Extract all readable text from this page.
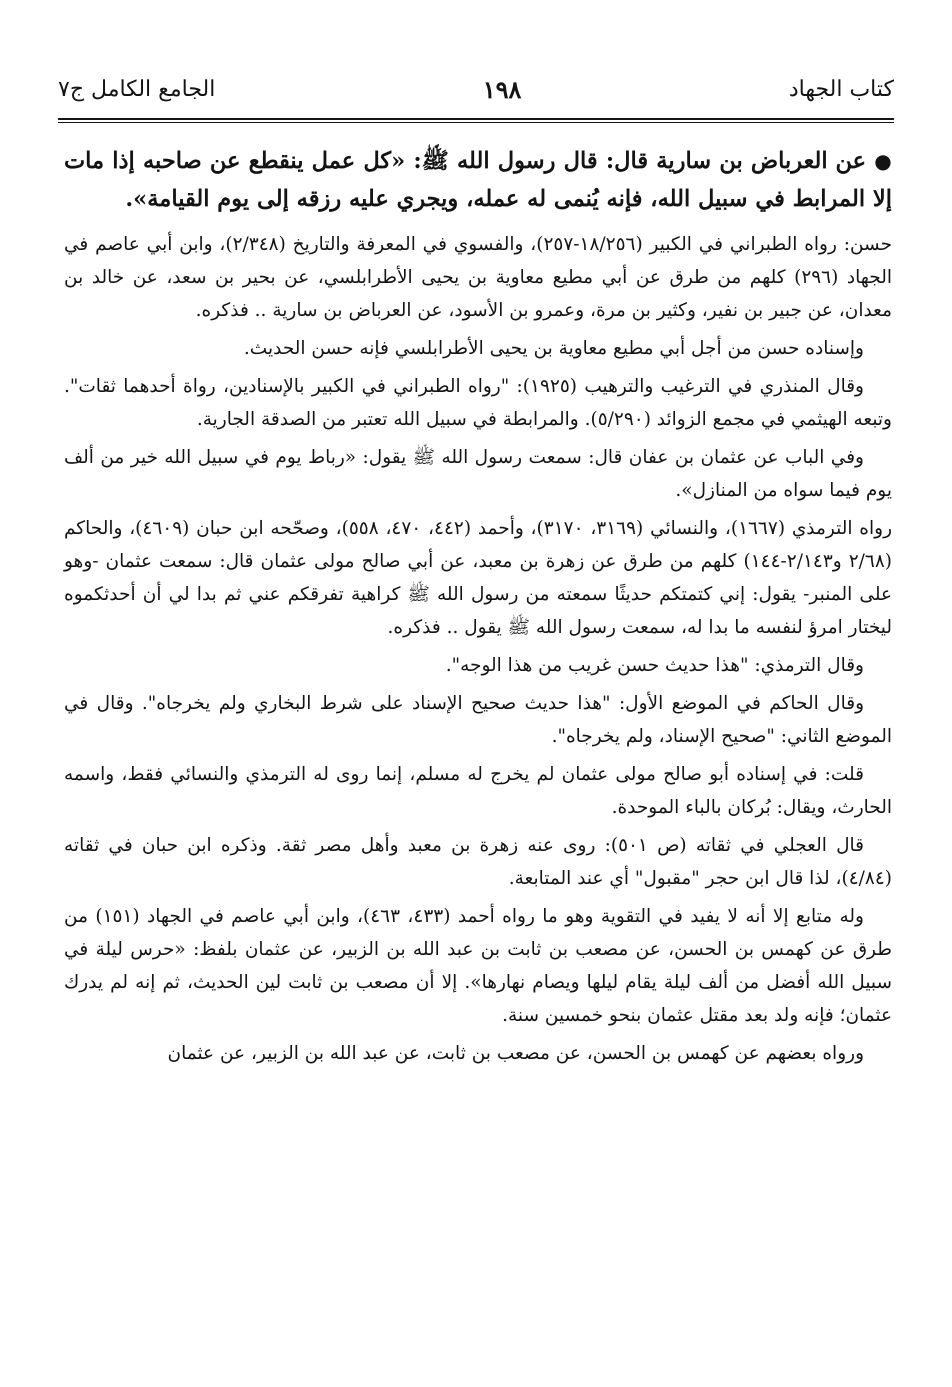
كتاب الجهاد
١٩٨
الجامع الكامل ج٧

● عن العرباض بن سارية قال: قال رسول الله ﷺ: «كل عمل ينقطع عن صاحبه إذا مات إلا المرابط في سبيل الله، فإنه يُنمى له عمله، ويجري عليه رزقه إلى يوم القيامة».

حسن: رواه الطبراني في الكبير (١٨/٢٥٦-٢٥٧)، والفسوي في المعرفة والتاريخ (٢/٣٤٨)، وابن أبي عاصم في الجهاد (٢٩٦) كلهم من طرق عن أبي مطيع معاوية بن يحيى الأطرابلسي، عن بحير بن سعد، عن خالد بن معدان، عن جبير بن نفير، وكثير بن مرة، وعمرو بن الأسود، عن العرباض بن سارية .. فذكره.

وإسناده حسن من أجل أبي مطيع معاوية بن يحيى الأطرابلسي فإنه حسن الحديث.

وقال المنذري في الترغيب والترهيب (١٩٢٥): "رواه الطبراني في الكبير بالإسنادين، رواة أحدهما ثقات". وتبعه الهيثمي في مجمع الزوائد (٥/٢٩٠). والمرابطة في سبيل الله تعتبر من الصدقة الجارية.

وفي الباب عن عثمان بن عفان قال: سمعت رسول الله ﷺ يقول: «رباط يوم في سبيل الله خير من ألف يوم فيما سواه من المنازل».

رواه الترمذي (١٦٦٧)، والنسائي (٣١٦٩، ٣١٧٠)، وأحمد (٤٤٢، ٤٧٠، ٥٥٨)، وصحّحه ابن حبان (٤٦٠٩)، والحاكم (٢/٦٨ و٢/١٤٣-١٤٤) كلهم من طرق عن زهرة بن معبد، عن أبي صالح مولى عثمان قال: سمعت عثمان -وهو على المنبر- يقول: إني كتمتكم حديثًا سمعته من رسول الله ﷺ كراهية تفرقكم عني ثم بدا لي أن أحدثكموه ليختار امرؤ لنفسه ما بدا له، سمعت رسول الله ﷺ يقول .. فذكره.

وقال الترمذي: "هذا حديث حسن غريب من هذا الوجه".

وقال الحاكم في الموضع الأول: "هذا حديث صحيح الإسناد على شرط البخاري ولم يخرجاه". وقال في الموضع الثاني: "صحيح الإسناد، ولم يخرجاه".

قلت: في إسناده أبو صالح مولى عثمان لم يخرج له مسلم، إنما روى له الترمذي والنسائي فقط، واسمه الحارث، ويقال: بُركان بالباء الموحدة.

قال العجلي في ثقاته (ص ٥٠١): روى عنه زهرة بن معبد وأهل مصر ثقة. وذكره ابن حبان في ثقاته (٤/٨٤)، لذا قال ابن حجر "مقبول" أي عند المتابعة.

وله متابع إلا أنه لا يفيد في التقوية وهو ما رواه أحمد (٤٣٣، ٤٦٣)، وابن أبي عاصم في الجهاد (١٥١) من طرق عن كهمس بن الحسن، عن مصعب بن ثابت بن عبد الله بن الزبير، عن عثمان بلفظ: «حرس ليلة في سبيل الله أفضل من ألف ليلة يقام ليلها ويصام نهارها». إلا أن مصعب بن ثابت لين الحديث، ثم إنه لم يدرك عثمان؛ فإنه ولد بعد مقتل عثمان بنحو خمسين سنة.

ورواه بعضهم عن كهمس بن الحسن، عن مصعب بن ثابت، عن عبد الله بن الزبير، عن عثمان
